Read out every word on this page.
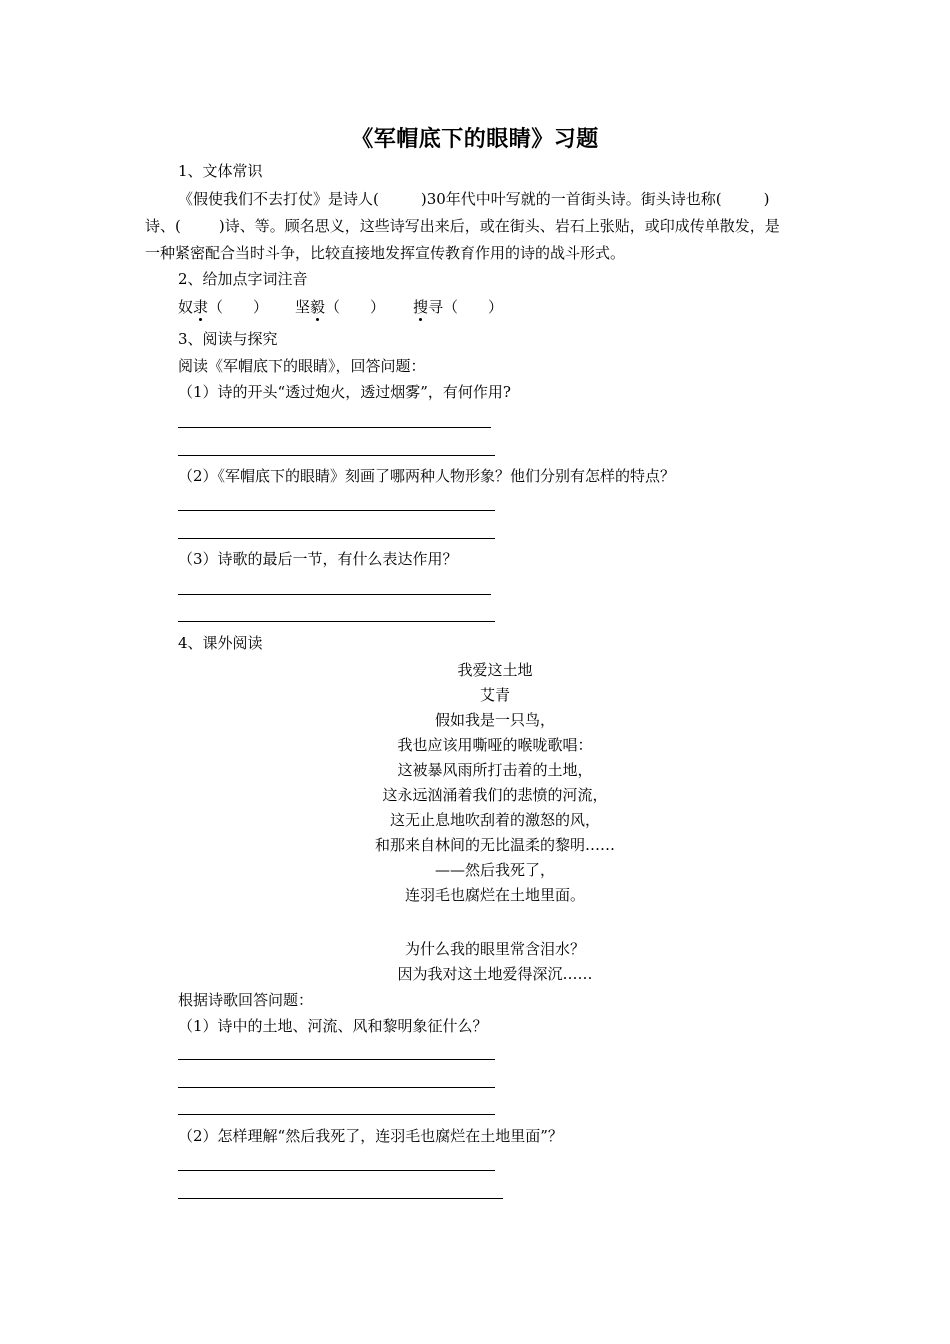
《军帽底下的眼睛》习题
1、文体常识
《假使我们不去打仗》是诗人(	)30年代中叶写就的一首街头诗。街头诗也称(	)
诗、(	)诗、等。顾名思义，这些诗写出来后，或在街头、岩石上张贴，或印成传单散发，是
一种紧密配合当时斗争，比较直接地发挥宣传教育作用的诗的战斗形式。
2、给加点字词注音
奴隶（　　） 坚毅（　　） 搜寻（　　）
3、阅读与探究
阅读《军帽底下的眼睛》，回答问题：
（1）诗的开头“透过炮火，透过烟雾”，有何作用?
（2）《军帽底下的眼睛》刻画了哪两种人物形象？他们分别有怎样的特点？
（3）诗歌的最后一节，有什么表达作用？
4、课外阅读
我爱这土地
艾青
假如我是一只鸟，
我也应该用嘶哑的喉咙歌唱：
这被暴风雨所打击着的土地，
这永远汹涌着我们的悲愤的河流，
这无止息地吹刮着的激怒的风，
和那来自林间的无比温柔的黎明……
——然后我死了，
连羽毛也腐烂在土地里面。
为什么我的眼里常含泪水？
因为我对这土地爱得深沉……
根据诗歌回答问题：
（1）诗中的土地、河流、风和黎明象征什么？
（2）怎样理解“然后我死了，连羽毛也腐烂在土地里面”？
